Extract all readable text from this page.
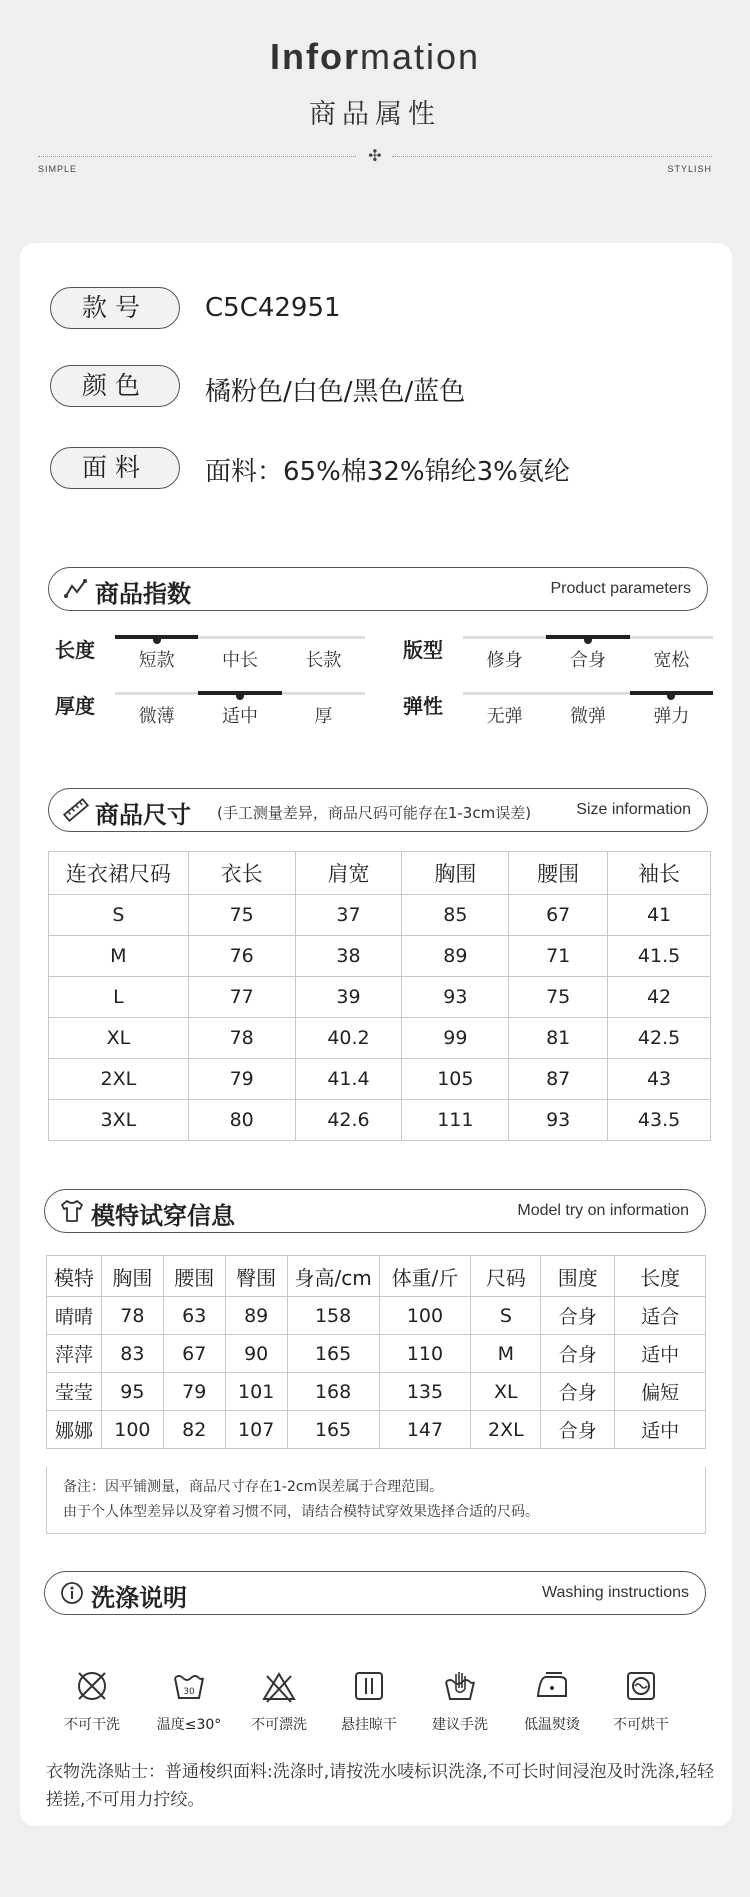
Information
商品属性
✣
SIMPLE	STYLISH
款号	C5C42951
颜色	橘粉色/白色/黑色/蓝色
面料	面料：65%棉32%锦纶3%氨纶
商品指数	Product parameters
长度	短款	中长	长款	版型	修身	合身	宽松
厚度	微薄	适中	厚	弹性	无弹	微弹	弹力
商品尺寸 (手工测量差异，商品尺码可能存在1-3cm误差)	Size information
连衣裙尺码	衣长	肩宽	胸围	腰围	袖长
S	75	37	85	67	41
M	76	38	89	71	41.5
L	77	39	93	75	42
XL	78	40.2	99	81	42.5
2XL	79	41.4	105	87	43
3XL	80	42.6	111	93	43.5
模特试穿信息	Model try on information
模特	胸围	腰围	臀围	身高/cm	体重/斤	尺码	围度	长度
晴晴	78	63	89	158	100	S	合身	适合
萍萍	83	67	90	165	110	M	合身	适中
莹莹	95	79	101	168	135	XL	合身	偏短
娜娜	100	82	107	165	147	2XL	合身	适中
备注：因平铺测量，商品尺寸存在1-2cm误差属于合理范围。
由于个人体型差异以及穿着习惯不同，请结合模特试穿效果选择合适的尺码。
洗涤说明	Washing instructions
不可干洗
30
温度≤30°	不可漂洗	悬挂晾干	建议手洗	低温熨烫	不可烘干
衣物洗涤贴士：普通梭织面料:洗涤时,请按洗水唛标识洗涤,不可长时间浸泡及时洗涤,轻轻搓搓,不可用力拧绞。
